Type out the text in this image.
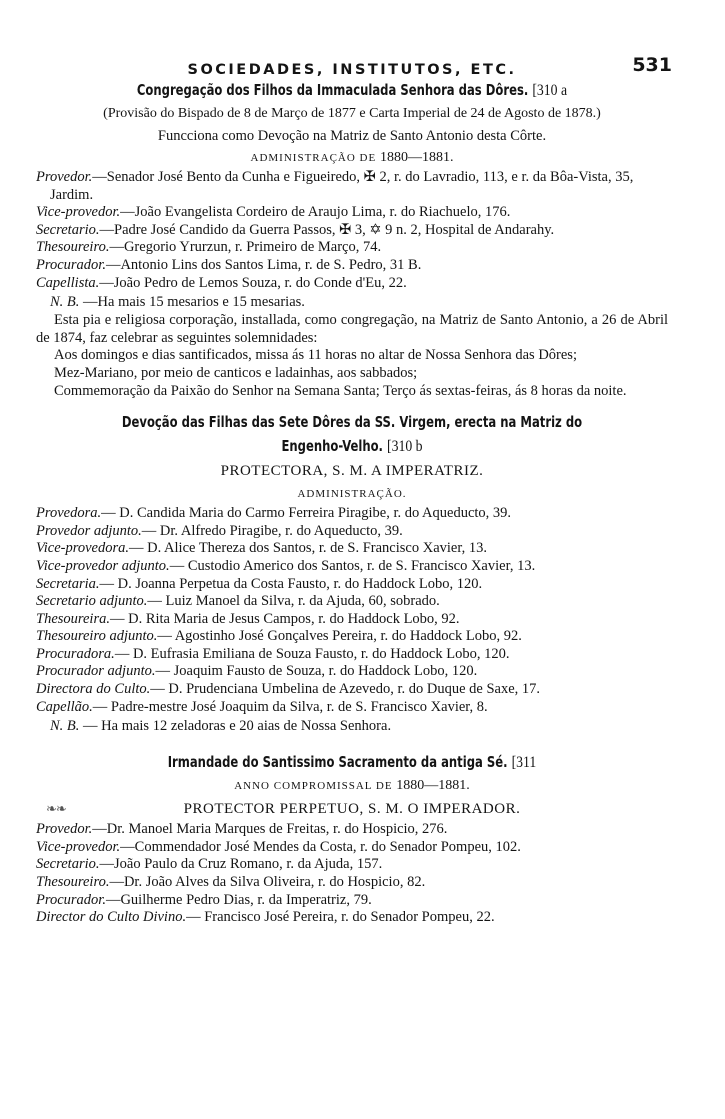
SOCIEDADES, INSTITUTOS, ETC.	531
Congregação dos Filhos da Immaculada Senhora das Dôres. [310 a
(Provisão do Bispado de 8 de Março de 1877 e Carta Imperial de 24 de Agosto de 1878.)
Funcciona como Devoção na Matriz de Santo Antonio desta Côrte.
ADMINISTRAÇÃO DE 1880—1881.
Provedor.—Senador José Bento da Cunha e Figueiredo, ✠ 2, r. do Lavradio, 113, e r. da Bôa-Vista, 35, Jardim.
Vice-provedor.—João Evangelista Cordeiro de Araujo Lima, r. do Riachuelo, 176.
Secretario.—Padre José Candido da Guerra Passos, ✠ 3, ✡ 9 n. 2, Hospital de Andarahy.
Thesoureiro.—Gregorio Yrurzun, r. Primeiro de Março, 74.
Procurador.—Antonio Lins dos Santos Lima, r. de S. Pedro, 31 B.
Capellista.—João Pedro de Lemos Souza, r. do Conde d'Eu, 22.
N. B. —Ha mais 15 mesarios e 15 mesarias.
Esta pia e religiosa corporação, installada, como congregação, na Matriz de Santo Antonio, a 26 de Abril de 1874, faz celebrar as seguintes solemnidades:
Aos domingos e dias santificados, missa ás 11 horas no altar de Nossa Senhora das Dôres;
Mez-Mariano, por meio de canticos e ladainhas, aos sabbados;
Commemoração da Paixão do Senhor na Semana Santa; Terço ás sextas-feiras, ás 8 horas da noite.
Devoção das Filhas das Sete Dôres da SS. Virgem, erecta na Matriz do
Engenho-Velho. [310 b
PROTECTORA, S. M. A IMPERATRIZ.
ADMINISTRAÇÃO.
Provedora.— D. Candida Maria do Carmo Ferreira Piragibe, r. do Aqueducto, 39.
Provedor adjunto.— Dr. Alfredo Piragibe, r. do Aqueducto, 39.
Vice-provedora.— D. Alice Thereza dos Santos, r. de S. Francisco Xavier, 13.
Vice-provedor adjunto.— Custodio Americo dos Santos, r. de S. Francisco Xavier, 13.
Secretaria.— D. Joanna Perpetua da Costa Fausto, r. do Haddock Lobo, 120.
Secretario adjunto.— Luiz Manoel da Silva, r. da Ajuda, 60, sobrado.
Thesoureira.— D. Rita Maria de Jesus Campos, r. do Haddock Lobo, 92.
Thesoureiro adjunto.— Agostinho José Gonçalves Pereira, r. do Haddock Lobo, 92.
Procuradora.— D. Eufrasia Emiliana de Souza Fausto, r. do Haddock Lobo, 120.
Procurador adjunto.— Joaquim Fausto de Souza, r. do Haddock Lobo, 120.
Directora do Culto.— D. Prudenciana Umbelina de Azevedo, r. do Duque de Saxe, 17.
Capellão.— Padre-mestre José Joaquim da Silva, r. de S. Francisco Xavier, 8.
N. B. — Ha mais 12 zeladoras e 20 aias de Nossa Senhora.
Irmandade do Santissimo Sacramento da antiga Sé. [311
ANNO COMPROMISSAL DE 1880—1881.
❧❧	PROTECTOR PERPETUO, S. M. O IMPERADOR.
Provedor.—Dr. Manoel Maria Marques de Freitas, r. do Hospicio, 276.
Vice-provedor.—Commendador José Mendes da Costa, r. do Senador Pompeu, 102.
Secretario.—João Paulo da Cruz Romano, r. da Ajuda, 157.
Thesoureiro.—Dr. João Alves da Silva Oliveira, r. do Hospicio, 82.
Procurador.—Guilherme Pedro Dias, r. da Imperatriz, 79.
Director do Culto Divino.— Francisco José Pereira, r. do Senador Pompeu, 22.
